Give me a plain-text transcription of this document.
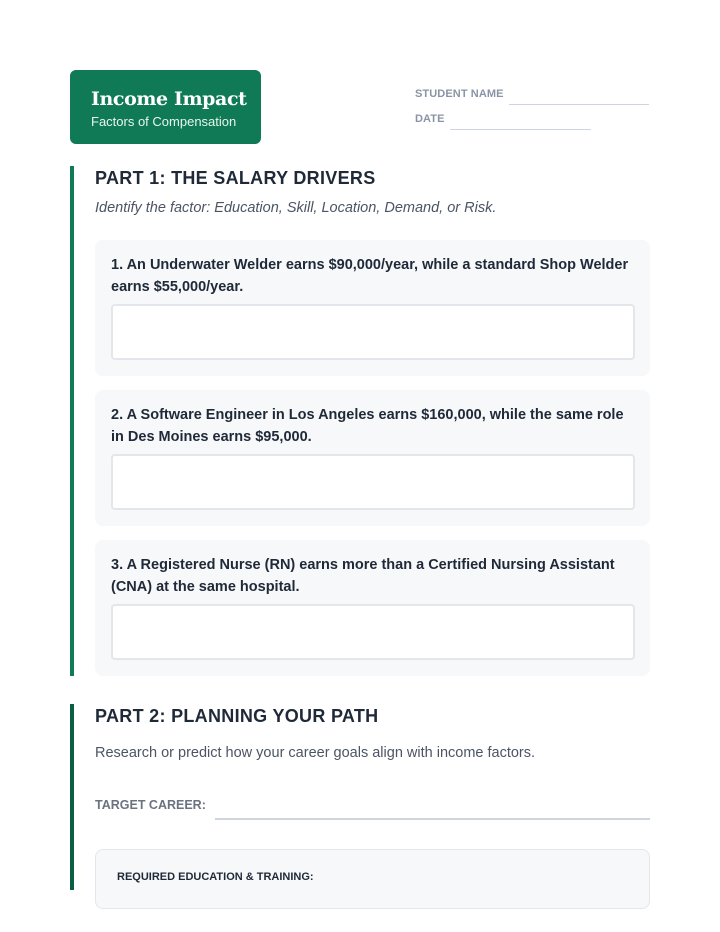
Income Impact
Factors of Compensation
STUDENT NAME
DATE
PART 1: THE SALARY DRIVERS
Identify the factor: Education, Skill, Location, Demand, or Risk.
1. An Underwater Welder earns $90,000/year, while a standard Shop Welder earns $55,000/year.
2. A Software Engineer in Los Angeles earns $160,000, while the same role in Des Moines earns $95,000.
3. A Registered Nurse (RN) earns more than a Certified Nursing Assistant (CNA) at the same hospital.
PART 2: PLANNING YOUR PATH
Research or predict how your career goals align with income factors.
TARGET CAREER:
REQUIRED EDUCATION & TRAINING:
